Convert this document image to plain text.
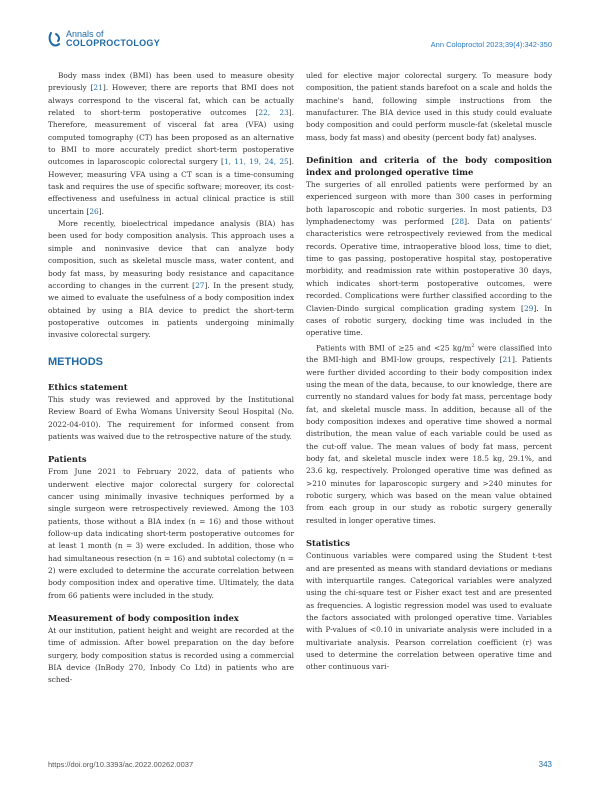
Annals of
COLOPROCTOLOGY	Ann Coloproctol 2023;39(4):342-350

Body mass index (BMI) has been used to measure obesity previously [21]. However, there are reports that BMI does not always correspond to the visceral fat, which can be actually related to short-term postoperative outcomes [22, 23]. Therefore, measurement of visceral fat area (VFA) using computed tomography (CT) has been proposed as an alternative to BMI to more accurately predict short-term postoperative outcomes in laparoscopic colorectal surgery [1, 11, 19, 24, 25]. However, measuring VFA using a CT scan is a time-consuming task and requires the use of specific software; moreover, its cost-effectiveness and usefulness in actual clinical practice is still uncertain [26].

More recently, bioelectrical impedance analysis (BIA) has been used for body composition analysis. This approach uses a simple and noninvasive device that can analyze body composition, such as skeletal muscle mass, water content, and body fat mass, by measuring body resistance and capacitance according to changes in the current [27]. In the present study, we aimed to evaluate the usefulness of a body composition index obtained by using a BIA device to predict the short-term postoperative outcomes in patients undergoing minimally invasive colorectal surgery.

METHODS
Ethics statement

This study was reviewed and approved by the Institutional Review Board of Ewha Womans University Seoul Hospital (No. 2022-04-010). The requirement for informed consent from patients was waived due to the retrospective nature of the study.

Patients

From June 2021 to February 2022, data of patients who underwent elective major colorectal surgery for colorectal cancer using minimally invasive techniques performed by a single surgeon were retrospectively reviewed. Among the 103 patients, those without a BIA index (n = 16) and those without follow-up data indicating short-term postoperative outcomes for at least 1 month (n = 3) were excluded. In addition, those who had simultaneous resection (n = 16) and subtotal colectomy (n = 2) were excluded to determine the accurate correlation between body composition index and operative time. Ultimately, the data from 66 patients were included in the study.

Measurement of body composition index

At our institution, patient height and weight are recorded at the time of admission. After bowel preparation on the day before surgery, body composition status is recorded using a commercial BIA device (InBody 270, Inbody Co Ltd) in patients who are sched-

uled for elective major colorectal surgery. To measure body composition, the patient stands barefoot on a scale and holds the machine's hand, following simple instructions from the manufacturer. The BIA device used in this study could evaluate body composition and could perform muscle-fat (skeletal muscle mass, body fat mass) and obesity (percent body fat) analyses.

Definition and criteria of the body composition index and prolonged operative time

The surgeries of all enrolled patients were performed by an experienced surgeon with more than 300 cases in performing both laparoscopic and robotic surgeries. In most patients, D3 lymphadenectomy was performed [28]. Data on patients' characteristics were retrospectively reviewed from the medical records. Operative time, intraoperative blood loss, time to diet, time to gas passing, postoperative hospital stay, postoperative morbidity, and readmission rate within postoperative 30 days, which indicates short-term postoperative outcomes, were recorded. Complications were further classified according to the Clavien-Dindo surgical complication grading system [29]. In cases of robotic surgery, docking time was included in the operative time.

Patients with BMI of ≥25 and <25 $kg/m^2$ were classified into the BMI-high and BMI-low groups, respectively [21]. Patients were further divided according to their body composition index using the mean of the data, because, to our knowledge, there are currently no standard values for body fat mass, percentage body fat, and skeletal muscle mass. In addition, because all of the body composition indexes and operative time showed a normal distribution, the mean value of each variable could be used as the cut-off value. The mean values of body fat mass, percent body fat, and skeletal muscle index were 18.5 kg, 29.1%, and 23.6 kg, respectively. Prolonged operative time was defined as >210 minutes for laparoscopic surgery and >240 minutes for robotic surgery, which was based on the mean value obtained from each group in our study as robotic surgery generally resulted in longer operative times.

Statistics

Continuous variables were compared using the Student t-test and are presented as means with standard deviations or medians with interquartile ranges. Categorical variables were analyzed using the chi-square test or Fisher exact test and are presented as frequencies. A logistic regression model was used to evaluate the factors associated with prolonged operative time. Variables with P-values of <0.10 in univariate analysis were included in a multivariate analysis. Pearson correlation coefficient (r) was used to determine the correlation between operative time and other continuous vari-

https://doi.org/10.3393/ac.2022.00262.0037	343
